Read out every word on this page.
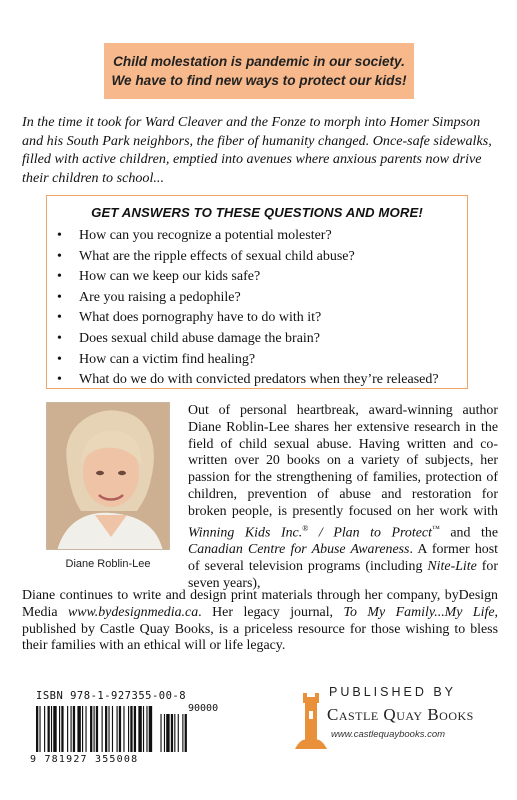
Child molestation is pandemic in our society.
We have to find new ways to protect our kids!
In the time it took for Ward Cleaver and the Fonze to morph into Homer Simpson and his South Park neighbors, the fiber of humanity changed. Once-safe sidewalks, filled with active children, emptied into avenues where anxious parents now drive their children to school...
GET ANSWERS TO THESE QUESTIONS AND MORE!
• How can you recognize a potential molester?
• What are the ripple effects of sexual child abuse?
• How can we keep our kids safe?
• Are you raising a pedophile?
• What does pornography have to do with it?
• Does sexual child abuse damage the brain?
• How can a victim find healing?
• What do we do with convicted predators when they’re released?
Diane Roblin-Lee
Out of personal heartbreak, award-winning author Diane Roblin-Lee shares her extensive research in the field of child sexual abuse. Having written and co-written over 20 books on a variety of subjects, her passion for the strengthening of families, protection of children, prevention of abuse and restoration for broken people, is presently focused on her work with Winning Kids Inc.® / Plan to Protect™ and the Canadian Centre for Abuse Awareness. A former host of several television programs (including Nite-Lite for seven years),
Diane continues to write and design print materials through her company, byDesign Media www.bydesignmedia.ca. Her legacy journal, To My Family...My Life, published by Castle Quay Books, is a priceless resource for those wishing to bless their families with an ethical will or life legacy.
ISBN 978-1-927355-00-8
90000
9 781927 355008
PUBLISHED BY
Castle Quay Books
www.castlequaybooks.com
